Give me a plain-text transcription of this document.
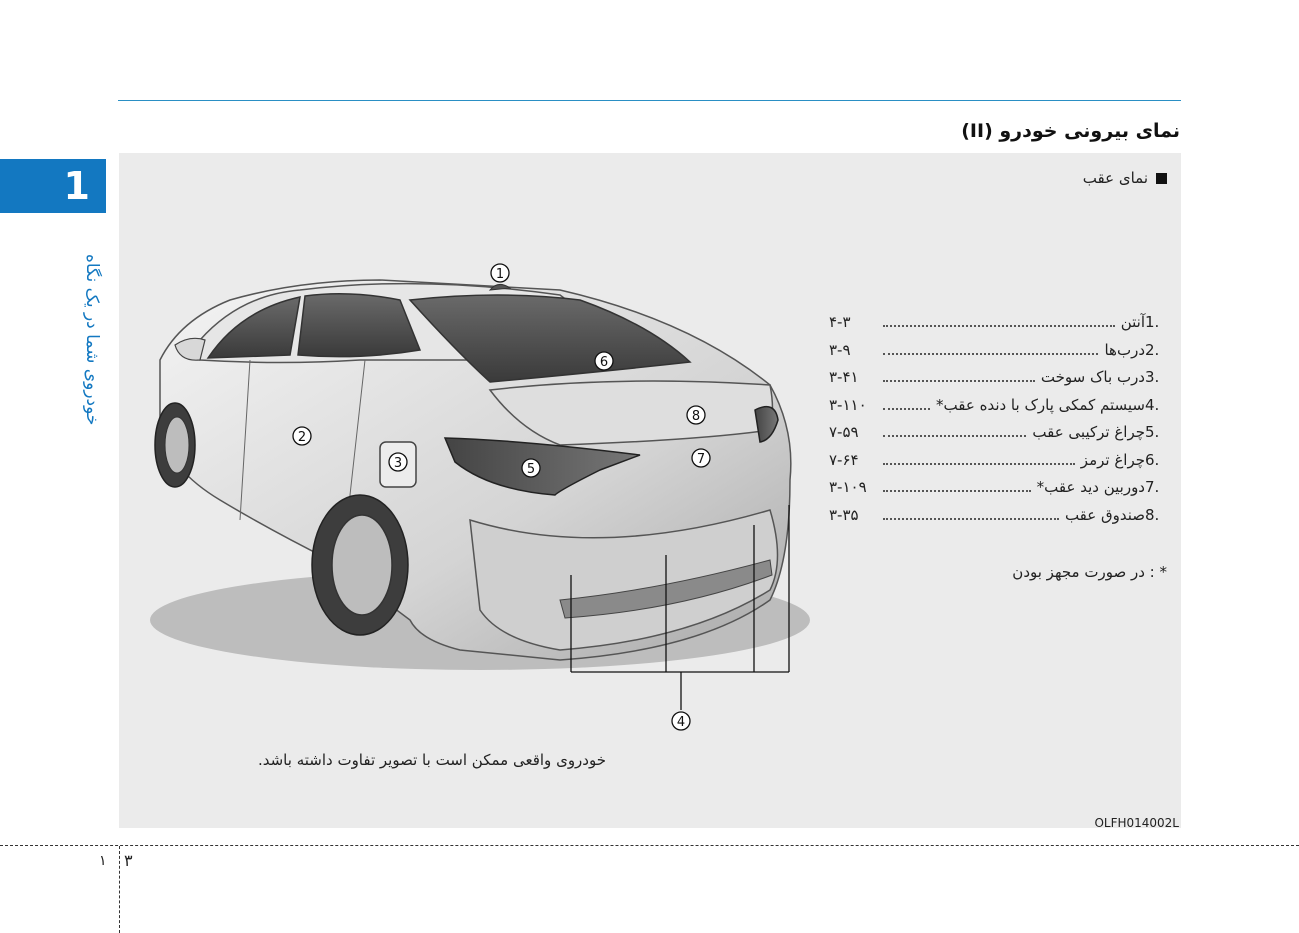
نمای بیرونی خودرو (II)
1
خودروی شما در یک نگاه
نمای عقب
1.
آنتن
۴-۳
2.
درب‌ها
۳-۹
3.
درب باک سوخت
۳-۴۱
4.
سیستم کمکی پارک با دنده عقب*
۳-۱۱۰
5.
چراغ ترکیبی عقب
۷-۵۹
6.
چراغ ترمز
۷-۶۴
7.
دوربین دید عقب*
۳-۱۰۹
8.
صندوق عقب
۳-۳۵
* : در صورت مجهز بودن
خودروی واقعی ممکن است با تصویر تفاوت داشته باشد.
OLFH014002L
1
2
3
4
5
6
7
8
۱ ۳
